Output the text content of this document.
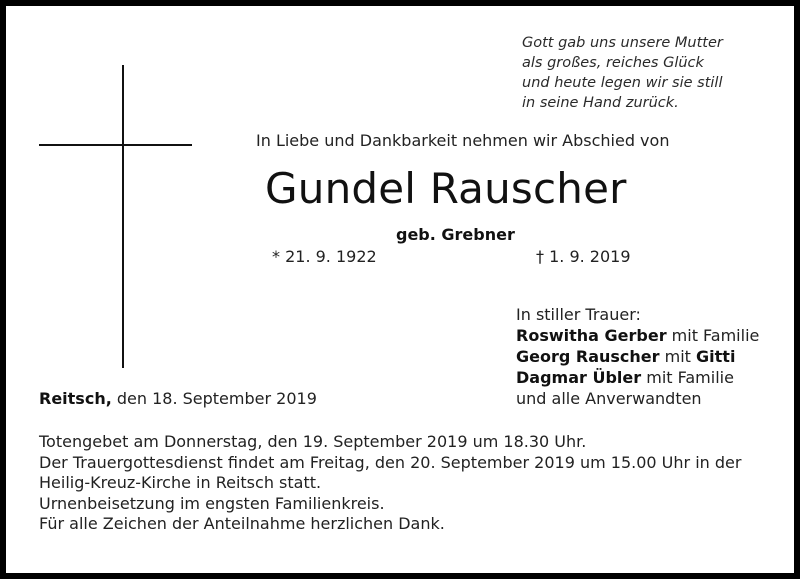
Gott gab uns unsere Mutter
als großes, reiches Glück
und heute legen wir sie still
in seine Hand zurück.
In Liebe und Dankbarkeit nehmen wir Abschied von
Gundel Rauscher
geb. Grebner
* 21. 9. 1922	† 1. 9. 2019
In stiller Trauer:
Roswitha Gerber mit Familie
Georg Rauscher mit Gitti
Dagmar Übler mit Familie
und alle Anverwandten
Reitsch, den 18. September 2019
Totengebet am Donnerstag, den 19. September 2019 um 18.30 Uhr.
Der Trauergottesdienst findet am Freitag, den 20. September 2019 um 15.00 Uhr in der
Heilig-Kreuz-Kirche in Reitsch statt.
Urnenbeisetzung im engsten Familienkreis.
Für alle Zeichen der Anteilnahme herzlichen Dank.
